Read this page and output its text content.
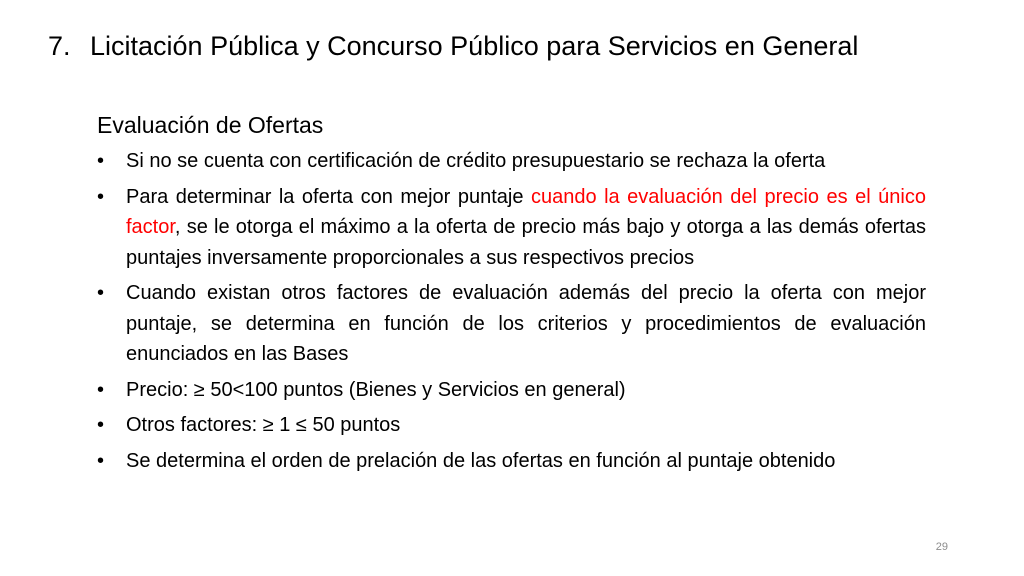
7. Licitación Pública y Concurso Público para Servicios en General
Evaluación de Ofertas
• Si no se cuenta con certificación de crédito presupuestario se rechaza la oferta
• Para determinar la oferta con mejor puntaje cuando la evaluación del precio es el único factor, se le otorga el máximo a la oferta de precio más bajo y otorga a las demás ofertas puntajes inversamente proporcionales a sus respectivos precios
• Cuando existan otros factores de evaluación además del precio la oferta con mejor puntaje, se determina en función de los criterios y procedimientos de evaluación enunciados en las Bases
• Precio: ≥ 50<100 puntos (Bienes y Servicios en general)
• Otros factores: ≥ 1 ≤ 50 puntos
• Se determina el orden de prelación de las ofertas en función al puntaje obtenido
29
